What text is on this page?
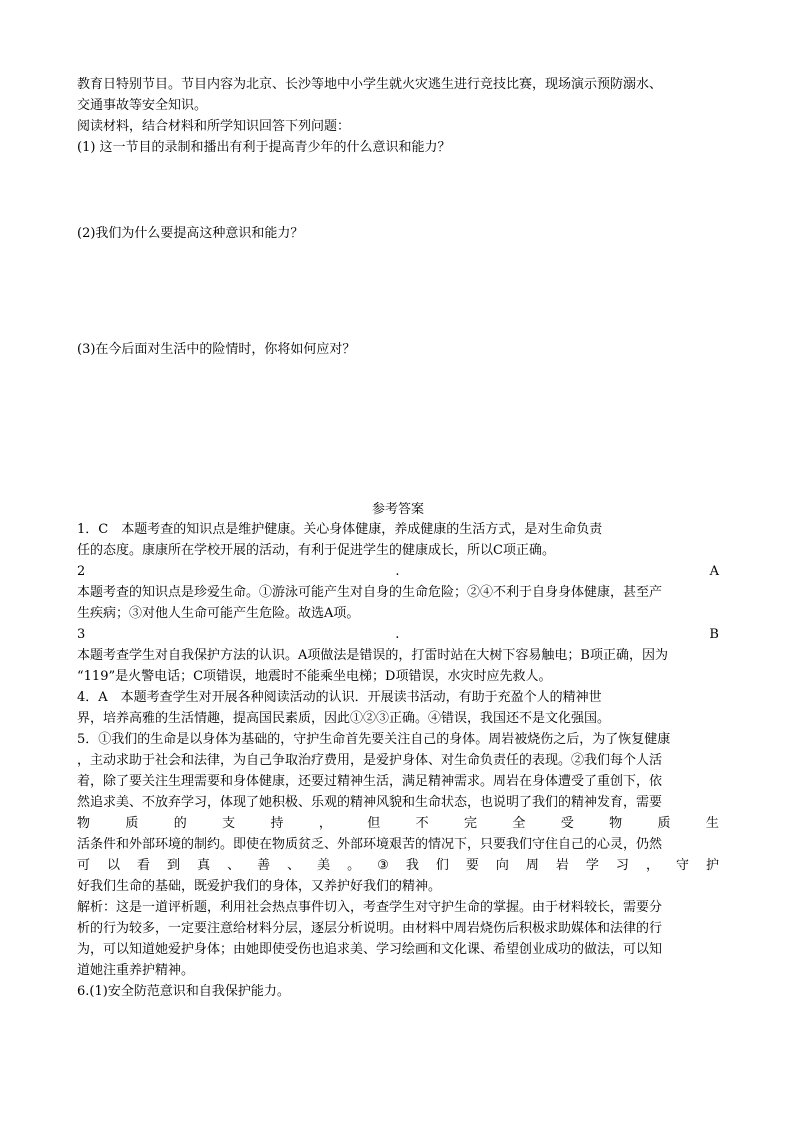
教育日特别节目。节目内容为北京、长沙等地中小学生就火灾逃生进行竞技比赛，现场演示预防溺水、
交通事故等安全知识。
阅读材料，结合材料和所学知识回答下列问题：
(1) 这一节目的录制和播出有利于提高青少年的什么意识和能力？
(2)我们为什么要提高这种意识和能力？
(3)在今后面对生活中的险情时，你将如何应对？
参考答案
1．C　本题考查的知识点是维护健康。关心身体健康，养成健康的生活方式，是对生命负责
任的态度。康康所在学校开展的活动，有利于促进学生的健康成长，所以C项正确。
2	.	A
本题考查的知识点是珍爱生命。①游泳可能产生对自身的生命危险；②④不利于自身身体健康，甚至产
生疾病；③对他人生命可能产生危险。故选A项。
3	.	B
本题考查学生对自我保护方法的认识。A项做法是错误的，打雷时站在大树下容易触电；B项正确，因为
“119”是火警电话；C项错误，地震时不能乘坐电梯；D项错误，水灾时应先救人。
4．A　本题考查学生对开展各种阅读活动的认识．开展读书活动，有助于充盈个人的精神世
界，培养高雅的生活情趣，提高国民素质，因此①②③正确。④错误，我国还不是文化强国。
5．①我们的生命是以身体为基础的，守护生命首先要关注自己的身体。周岩被烧伤之后，为了恢复健康
，主动求助于社会和法律，为自己争取治疗费用，是爱护身体、对生命负责任的表现。②我们每个人活
着，除了要关注生理需要和身体健康，还要过精神生活，满足精神需求。周岩在身体遭受了重创下，依
然追求美、不放弃学习，体现了她积极、乐观的精神风貌和生命状态，也说明了我们的精神发育，需要
物	质	的	支	持	，	但	不	完	全	受	物	质	生
活条件和外部环境的制约。即使在物质贫乏、外部环境艰苦的情况下，只要我们守住自己的心灵，仍然
可 以 看 到 真 、 善 、 美 。 ③ 我 们 要 向 周 岩 学 习 ， 守 护
好我们生命的基础，既爱护我们的身体，又养护好我们的精神。
解析：这是一道评析题，利用社会热点事件切入，考查学生对守护生命的掌握。由于材料较长，需要分
析的行为较多，一定要注意给材料分层，逐层分析说明。由材料中周岩烧伤后积极求助媒体和法律的行
为，可以知道她爱护身体；由她即使受伤也追求美、学习绘画和文化课、希望创业成功的做法，可以知
道她注重养护精神。
6.(1)安全防范意识和自我保护能力。
